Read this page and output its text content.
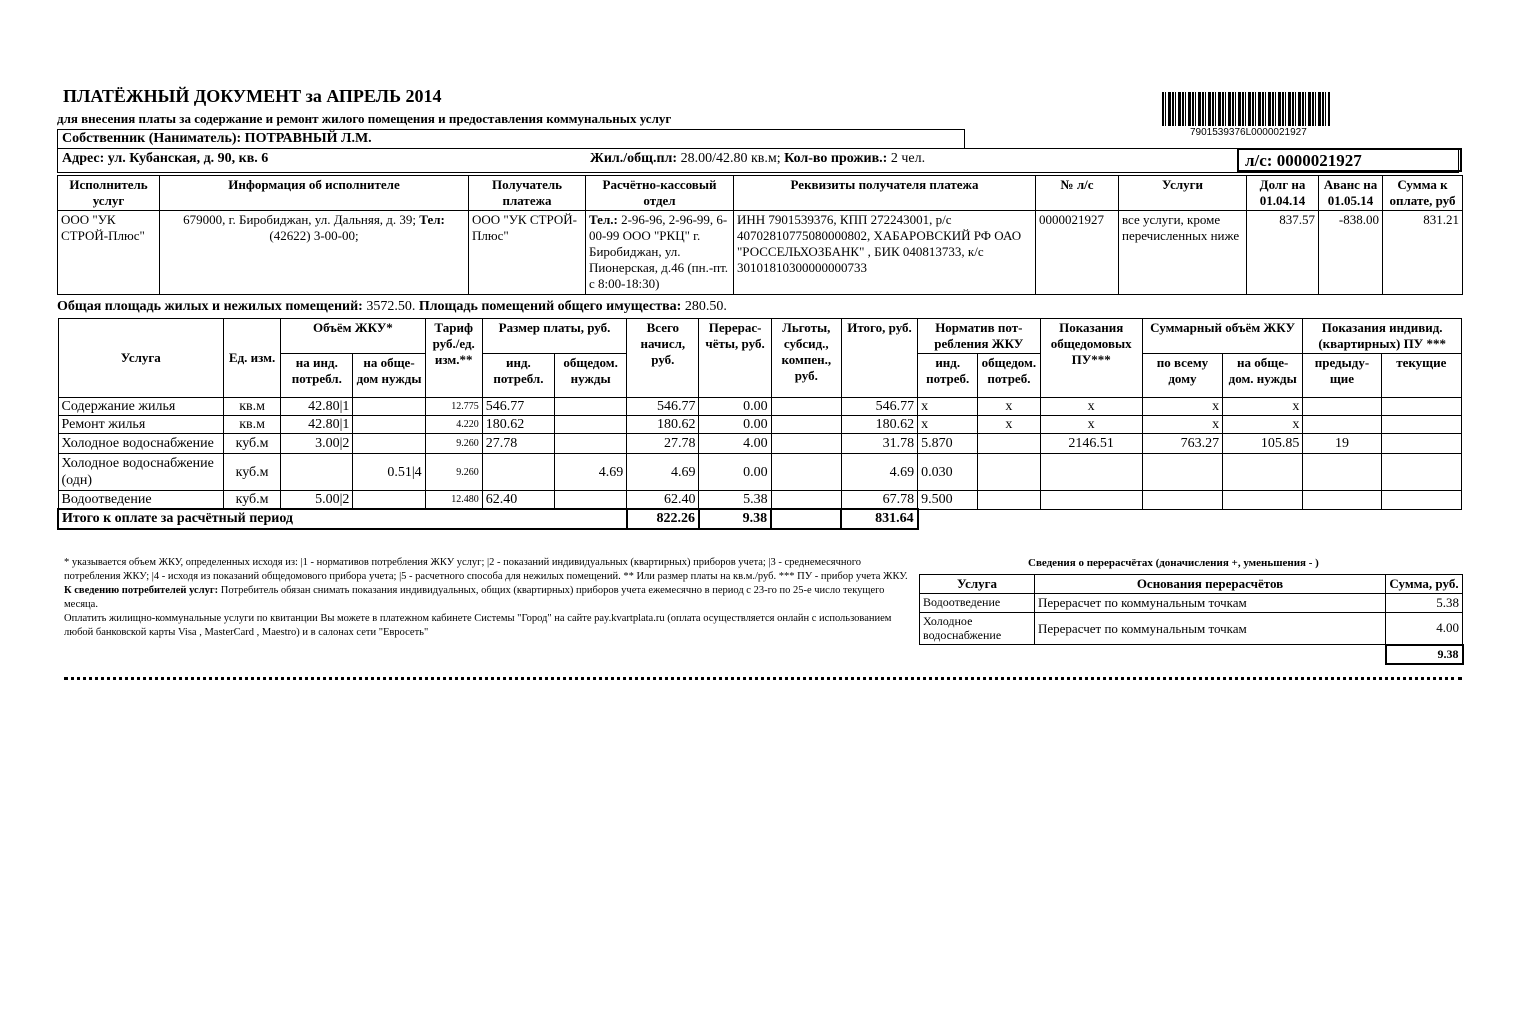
ПЛАТЁЖНЫЙ ДОКУМЕНТ за АПРЕЛЬ 2014
для внесения платы за содержание и ремонт жилого помещения и предоставления коммунальных услуг
7901539376L0000021927
Собственник (Наниматель): ПОТРАВНЫЙ Л.М.
Адрес: ул. Кубанская, д. 90, кв. 6	Жил./общ.пл: 28.00/42.80 кв.м; Кол-во прожив.: 2 чел.	л/с: 0000021927
Исполнитель услуг	Информация об исполнителе	Получатель платежа	Расчётно-кассовый отдел	Реквизиты получателя платежа	№ л/с	Услуги	Долг на 01.04.14	Аванс на 01.05.14	Сумма к оплате, руб
ООО "УК СТРОЙ-Плюс"	679000, г. Биробиджан, ул. Дальняя, д. 39; Тел: (42622) 3-00-00;	ООО "УК СТРОЙ-Плюс"	Тел.: 2-96-96, 2-96-99, 6-00-99 ООО "РКЦ" г. Биробиджан, ул. Пионерская, д.46 (пн.-пт. с 8:00-18:30)	ИНН 7901539376, КПП 272243001, р/с 40702810775080000802, ХАБАРОВСКИЙ РФ ОАО "РОССЕЛЬХОЗБАНК" , БИК 040813733, к/с 30101810300000000733	0000021927	все услуги, кроме перечисленных ниже	837.57	-838.00	831.21
Общая площадь жилых и нежилых помещений: 3572.50. Площадь помещений общего имущества: 280.50.
Услуга	Ед. изм.	Объём ЖКУ*		Тариф руб./ед. изм.**	Размер платы, руб.		Всего начисл, руб.	Перерас-чёты, руб.	Льготы, субсид., компен., руб.	Итого, руб.	Норматив пот-ребления ЖКУ		Показания общедомовых ПУ***	Суммарный объём ЖКУ		Показания индивид. (квартирных) ПУ ***	
		на инд. потребл.	на обще-дом нужды		инд. потребл.	общедом. нужды					инд. потреб.	общедом. потреб.		по всему дому	на обще-дом. нужды	предыду-щие	текущие
Содержание жилья	кв.м	42.80|1		12.775	546.77		546.77	0.00		546.77	x	x	x	x	x		
Ремонт жилья	кв.м	42.80|1		4.220	180.62		180.62	0.00		180.62	x	x	x	x	x		
Холодное водоснабжение	куб.м	3.00|2		9.260	27.78		27.78	4.00		31.78	5.870		2146.51	763.27	105.85	19	
Холодное водоснабжение (одн)	куб.м		0.51|4	9.260		4.69	4.69	0.00		4.69	0.030						
Водоотведение	куб.м	5.00|2		12.480	62.40		62.40	5.38		67.78	9.500						
Итого к оплате за расчётный период							822.26	9.38		831.64							
* указывается объем ЖКУ, определенных исходя из: |1 - нормативов потребления ЖКУ услуг; |2 - показаний индивидуальных (квартирных) приборов учета; |3 - среднемесячного потребления ЖКУ; |4 - исходя из показаний общедомового прибора учета; |5 - расчетного способа для нежилых помещений. ** Или размер платы на кв.м./руб. *** ПУ - прибор учета ЖКУ.
К сведению потребителей услуг: Потребитель обязан снимать показания индивидуальных, общих (квартирных) приборов учета ежемесячно в период с 23-го по 25-е число текущего месяца.
Оплатить жилищно-коммунальные услуги по квитанции Вы можете в платежном кабинете Системы "Город" на сайте pay.kvartplata.ru (оплата осуществляется онлайн с использованием любой банковской карты Visa , MasterCard , Maestro) и в салонах сети "Евросеть"
Сведения о перерасчётах (доначисления +, уменьшения - )
Услуга	Основания перерасчётов	Сумма, руб.
Водоотведение	Перерасчет по коммунальным точкам	5.38
Холодное водоснабжение	Перерасчет по коммунальным точкам	4.00
		9.38
